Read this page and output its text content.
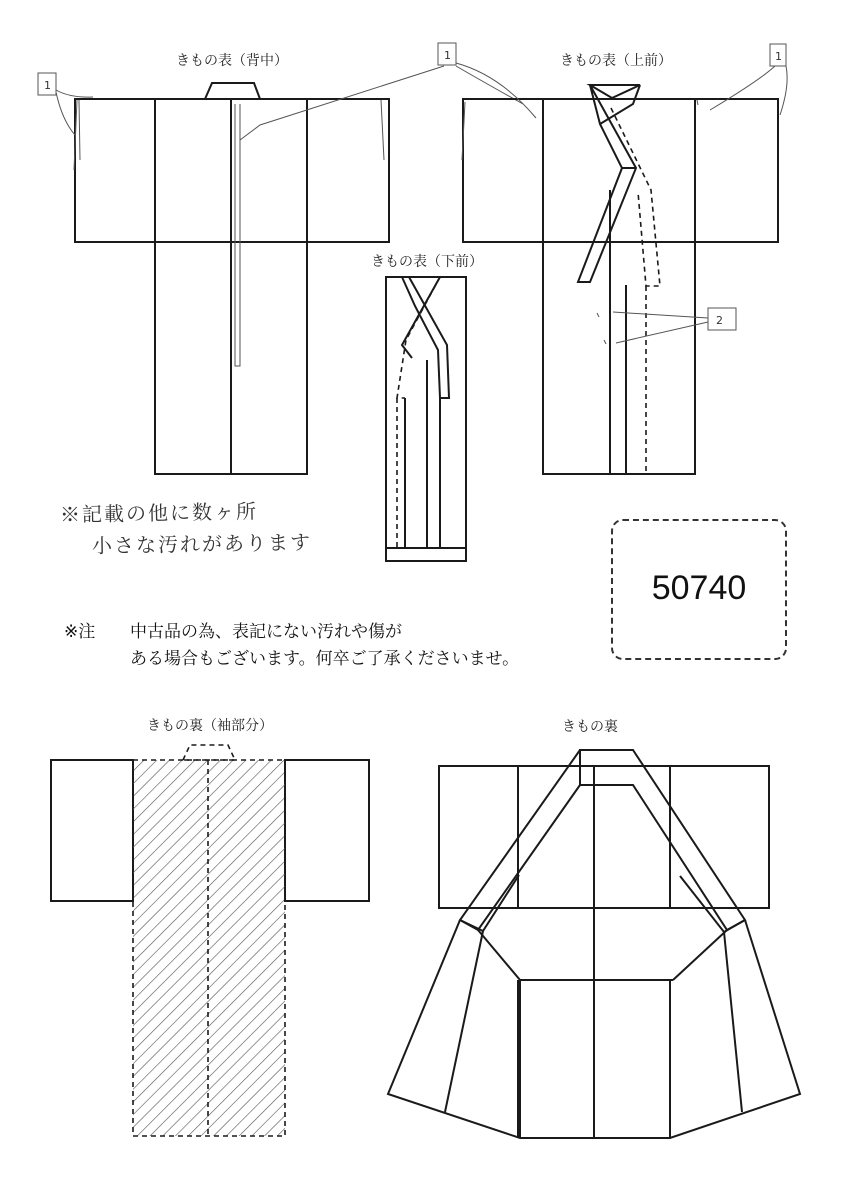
1
1	1
2
きもの表（背中）	きもの表（上前）
きもの表（下前）
きもの裏（袖部分）	きもの裏
※記載の他に数ヶ所
小さな汚れがあります
50740
※注 中古品の為、表記にない汚れや傷が
ある場合もございます。何卒ご了承くださいませ。
